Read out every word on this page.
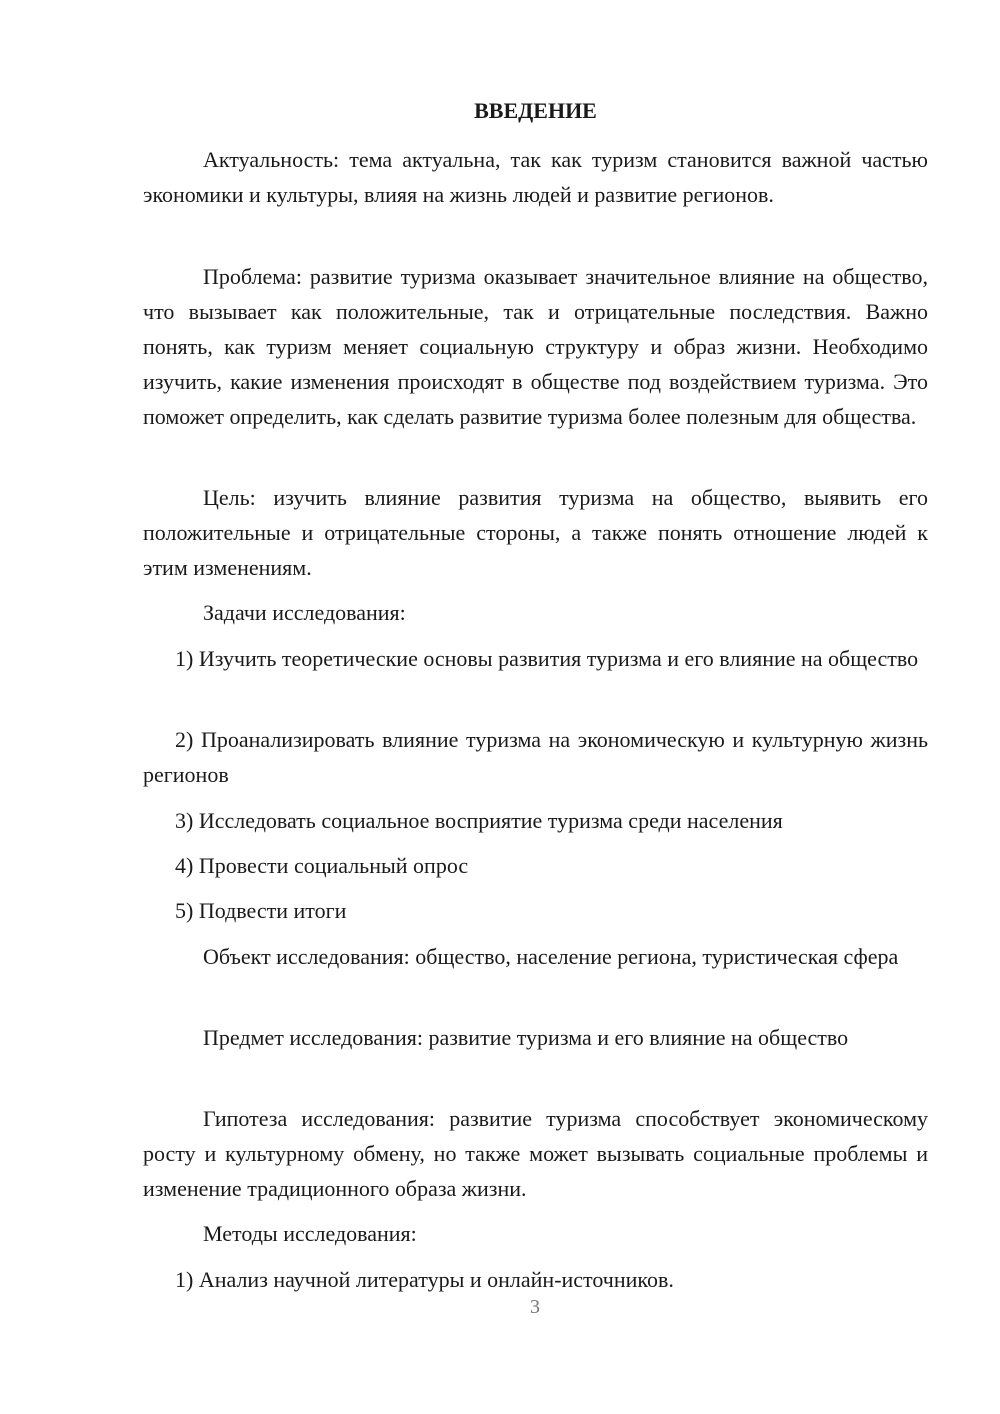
ВВЕДЕНИЕ

Актуальность: тема актуальна, так как туризм становится важной частью экономики и культуры, влияя на жизнь людей и развитие регионов.

Проблема: развитие туризма оказывает значительное влияние на общество, что вызывает как положительные, так и отрицательные последствия. Важно понять, как туризм меняет социальную структуру и образ жизни. Необходимо изучить, какие изменения происходят в обществе под воздействием туризма. Это поможет определить, как сделать развитие туризма более полезным для общества.

Цель: изучить влияние развития туризма на общество, выявить его положительные и отрицательные стороны, а также понять отношение людей к этим изменениям.

Задачи исследования:

1) Изучить теоретические основы развития туризма и его влияние на общество

2) Проанализировать влияние туризма на экономическую и культурную жизнь регионов

3) Исследовать социальное восприятие туризма среди населения

4) Провести социальный опрос

5) Подвести итоги

Объект исследования: общество, население региона, туристическая сфера

Предмет исследования: развитие туризма и его влияние на общество

Гипотеза исследования: развитие туризма способствует экономическому росту и культурному обмену, но также может вызывать социальные проблемы и изменение традиционного образа жизни.

Методы исследования:

1) Анализ научной литературы и онлайн-источников.

3
